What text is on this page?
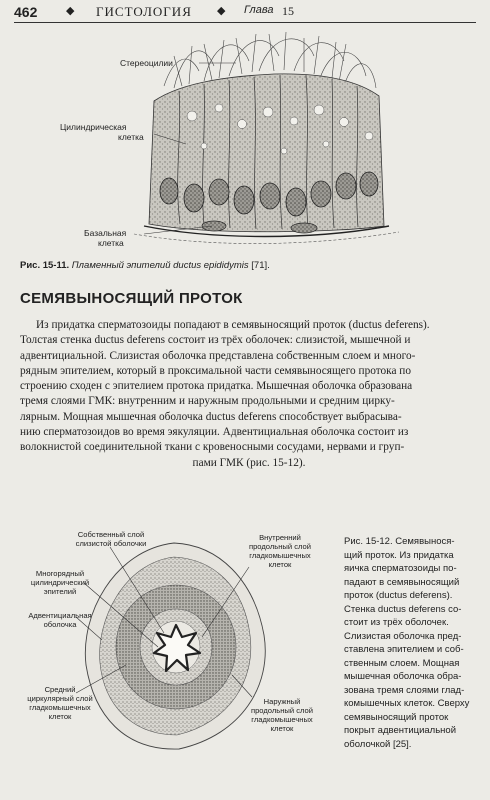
462	◆ ГИСТОЛОГИЯ ◆ Глава 15
Стереоцилии
Цилиндрическая
клетка
Базальная
клетка
Рис. 15-11. Пламенный эпителий ductus epididymis [71].
СЕМЯВЫНОСЯЩИЙ ПРОТОК
Из придатка сперматозоиды попадают в семявыносящий проток (ductus deferens).
Толстая стенка ductus deferens состоит из трёх оболочек: слизистой, мышечной и
адвентициальной. Слизистая оболочка представлена собственным слоем и много-
рядным эпителием, который в проксимальной части семявыносящего протока по
строению сходен с эпителием протока придатка. Мышечная оболочка образована
тремя слоями ГМК: внутренним и наружным продольными и средним цирку-
лярным. Мощная мышечная оболочка ductus deferens способствует выбрасыва-
нию сперматозоидов во время эякуляции. Адвентициальная оболочка состоит из
волокнистой соединительной ткани с кровеносными сосудами, нервами и груп-
пами ГМК (рис. 15-12).
Собственный слой
слизистой оболочки
Многорядный
цилиндрический
эпителий
Адвентициальная
оболочка
Средний
циркулярный слой
гладкомышечных
клеток
Внутренний
продольный слой
гладкомышечных
клеток
Наружный
продольный слой
гладкомышечных
клеток
Рис. 15-12. Семявынося-
щий проток. Из придатка
яичка сперматозоиды по-
падают в семявыносящий
проток (ductus deferens).
Стенка ductus deferens со-
стоит из трёх оболочек.
Слизистая оболочка пред-
ставлена эпителием и соб-
ственным слоем. Мощная
мышечная оболочка обра-
зована тремя слоями глад-
комышечных клеток. Сверху
семявыносящий проток
покрыт адвентициальной
оболочкой [25].
